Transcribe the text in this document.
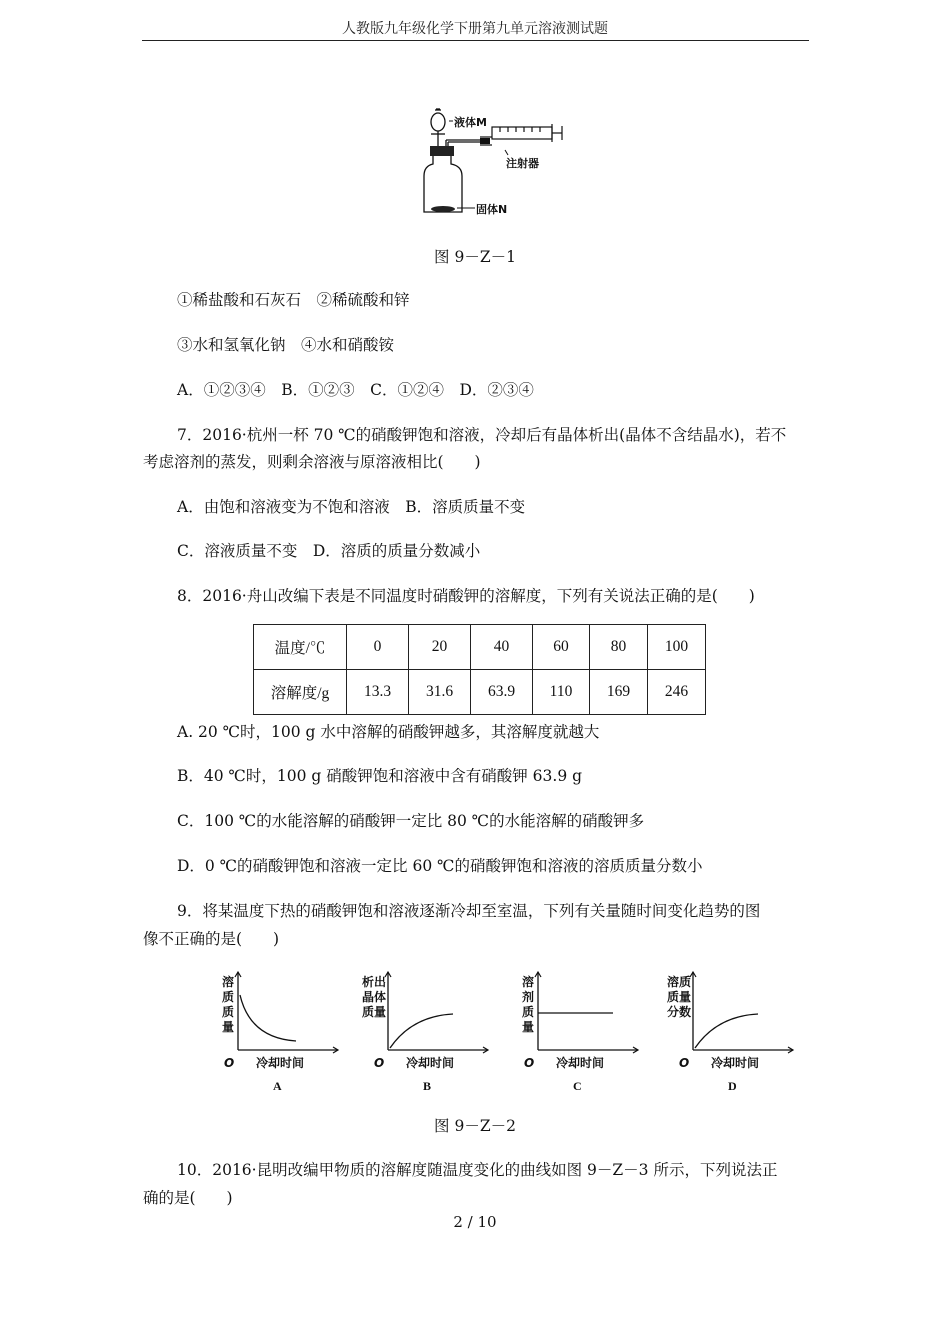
人教版九年级化学下册第九单元溶液测试题
液体M
注射器
固体N
图 9－Z－1
①稀盐酸和石灰石　②稀硫酸和锌
③水和氢氧化钠　④水和硝酸铵
A．①②③④　B．①②③　C．①②④　D．②③④
7．2016·杭州一杯 70 ℃的硝酸钾饱和溶液，冷却后有晶体析出(晶体不含结晶水)，若不
考虑溶剂的蒸发，则剩余溶液与原溶液相比(　　)
A．由饱和溶液变为不饱和溶液　B．溶质质量不变
C．溶液质量不变　D．溶质的质量分数减小
8．2016·舟山改编下表是不同温度时硝酸钾的溶解度，下列有关说法正确的是(　　)
温度/℃	0	20	40	60	80	100
溶解度/g	13.3	31.6	63.9	110	169	246
A. 20 ℃时，100 g 水中溶解的硝酸钾越多，其溶解度就越大
B．40 ℃时，100 g 硝酸钾饱和溶液中含有硝酸钾 63.9 g
C．100 ℃的水能溶解的硝酸钾一定比 80 ℃的水能溶解的硝酸钾多
D．0 ℃的硝酸钾饱和溶液一定比 60 ℃的硝酸钾饱和溶液的溶质质量分数小
9．将某温度下热的硝酸钾饱和溶液逐渐冷却至室温，下列有关量随时间变化趋势的图
像不正确的是(　　)
溶
质
质
量
O 冷却时间
A
析出
晶体
质量
O 冷却时间
B
溶
剂
质
量
O 冷却时间
C
溶质
质量
分数
O 冷却时间
D
图 9－Z－2
10．2016·昆明改编甲物质的溶解度随温度变化的曲线如图 9－Z－3 所示，下列说法正
确的是(　　)
2 / 10
